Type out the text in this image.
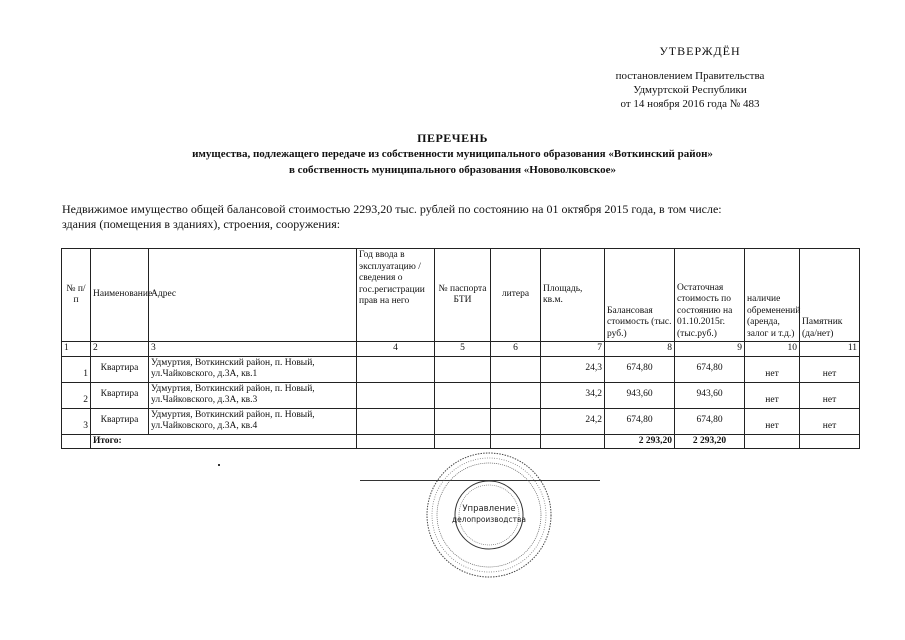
УТВЕРЖДЁН
постановлением Правительства
Удмуртской Республики
от 14 ноября 2016 года № 483
ПЕРЕЧЕНЬ
имущества, подлежащего передаче из собственности муниципального образования «Воткинский район»
в собственность муниципального образования «Нововолковское»
Недвижимое имущество общей балансовой стоимостью 2293,20 тыс. рублей по состоянию на 01 октября 2015 года, в том числе:
здания (помещения в зданиях), строения, сооружения:
№ п/п	Наименование	Адрес	Год ввода в эксплуатацию /сведения о гос.регистрации прав на него	№ паспорта БТИ	литера	Площадь, кв.м.	Балансовая стоимость (тыс. руб.)	Остаточная стоимость по состоянию на 01.10.2015г. (тыс.руб.)	наличие обременений (аренда, залог и т.д.)	Памятник (да/нет)
1	2	3	4	5	6	7	8	9	10	11
1	Квартира	Удмуртия, Воткинский район, п. Новый, ул.Чайковского, д.3А, кв.1				24,3	674,80	674,80	нет	нет
2	Квартира	Удмуртия, Воткинский район, п. Новый, ул.Чайковского, д.3А, кв.3				34,2	943,60	943,60	нет	нет
3	Квартира	Удмуртия, Воткинский район, п. Новый, ул.Чайковского, д.3А, кв.4				24,2	674,80	674,80	нет	нет
	Итого:						2 293,20	2 293,20		
Управление
делопроизводства
